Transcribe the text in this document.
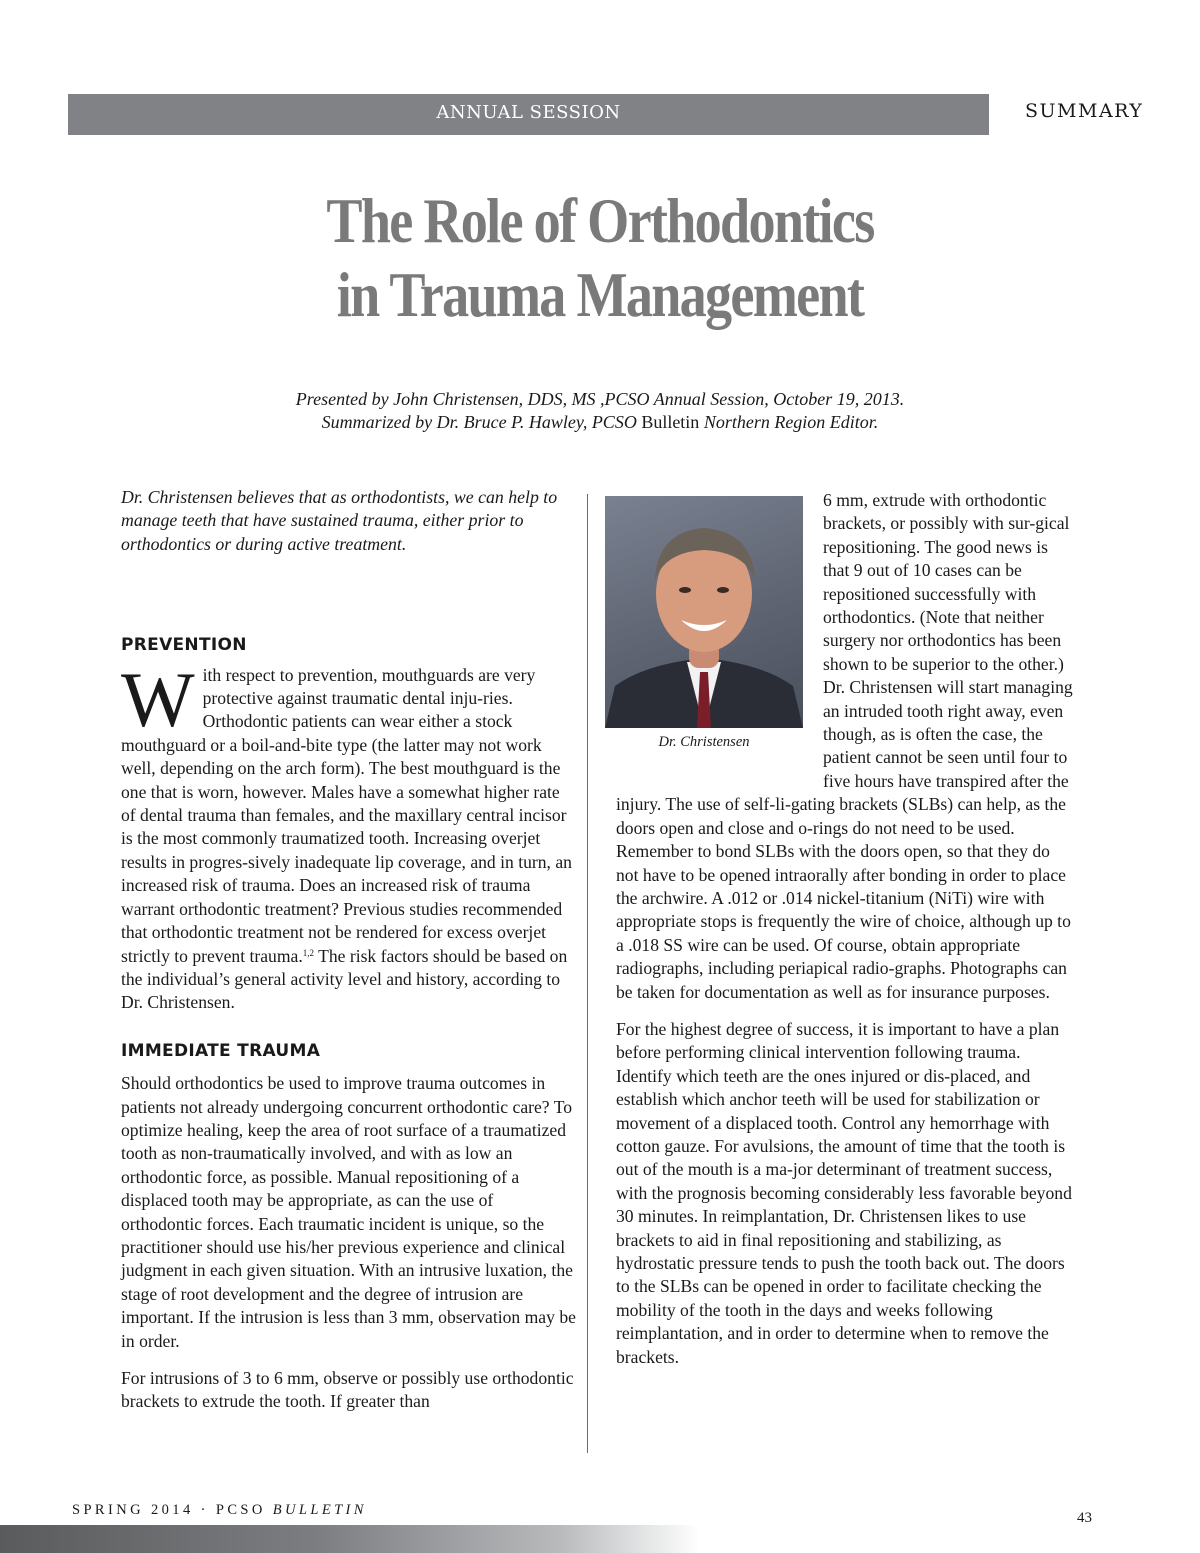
ANNUAL SESSION	SUMMARY
The Role of Orthodontics
in Trauma Management
Presented by John Christensen, DDS, MS ,PCSO Annual Session, October 19, 2013.
Summarized by Dr. Bruce P. Hawley, PCSO Bulletin Northern Region Editor.

Dr. Christensen believes that as orthodontists, we can help to manage teeth that have sustained trauma, either prior to orthodontics or during active treatment.

PREVENTION

With respect to prevention, mouthguards are very protective against traumatic dental inju-ries. Orthodontic patients can wear either a stock mouthguard or a boil-and-bite type (the latter may not work well, depending on the arch form). The best mouthguard is the one that is worn, however. Males have a somewhat higher rate of dental trauma than females, and the maxillary central incisor is the most commonly traumatized tooth. Increasing overjet results in progres-sively inadequate lip coverage, and in turn, an increased risk of trauma. Does an increased risk of trauma warrant orthodontic treatment? Previous studies recommended that orthodontic treatment not be rendered for excess overjet strictly to prevent trauma.$^{1,2}$ The risk factors should be based on the individual’s general activity level and history, according to Dr. Christensen.

IMMEDIATE TRAUMA

Should orthodontics be used to improve trauma outcomes in patients not already undergoing concurrent orthodontic care? To optimize healing, keep the area of root surface of a traumatized tooth as non-traumatically involved, and with as low an orthodontic force, as possible. Manual repositioning of a displaced tooth may be appropriate, as can the use of orthodontic forces. Each traumatic incident is unique, so the practitioner should use his/her previous experience and clinical judgment in each given situation. With an intrusive luxation, the stage of root development and the degree of intrusion are important. If the intrusion is less than 3 mm, observation may be in order.

For intrusions of 3 to 6 mm, observe or possibly use orthodontic brackets to extrude the tooth. If greater than

Dr. Christensen

6 mm, extrude with orthodontic brackets, or possibly with sur-gical repositioning. The good news is that 9 out of 10 cases can be repositioned successfully with orthodontics. (Note that neither surgery nor orthodontics has been shown to be superior to the other.) Dr. Christensen will start managing an intruded tooth right away, even though, as is often the case, the patient cannot be seen until four to five hours have transpired after the injury. The use of self-li-gating brackets (SLBs) can help, as the doors open and close and o-rings do not need to be used. Remember to bond SLBs with the doors open, so that they do not have to be opened intraorally after bonding in order to place the archwire. A .012 or .014 nickel-titanium (NiTi) wire with appropriate stops is frequently the wire of choice, although up to a .018 SS wire can be used. Of course, obtain appropriate radiographs, including periapical radio-graphs. Photographs can be taken for documentation as well as for insurance purposes.

For the highest degree of success, it is important to have a plan before performing clinical intervention following trauma. Identify which teeth are the ones injured or dis-placed, and establish which anchor teeth will be used for stabilization or movement of a displaced tooth. Control any hemorrhage with cotton gauze. For avulsions, the amount of time that the tooth is out of the mouth is a ma-jor determinant of treatment success, with the prognosis becoming considerably less favorable beyond 30 minutes. In reimplantation, Dr. Christensen likes to use brackets to aid in final repositioning and stabilizing, as hydrostatic pressure tends to push the tooth back out. The doors to the SLBs can be opened in order to facilitate checking the mobility of the tooth in the days and weeks following reimplantation, and in order to determine when to remove the brackets.

SPRING 2014 · PCSO BULLETIN	43
